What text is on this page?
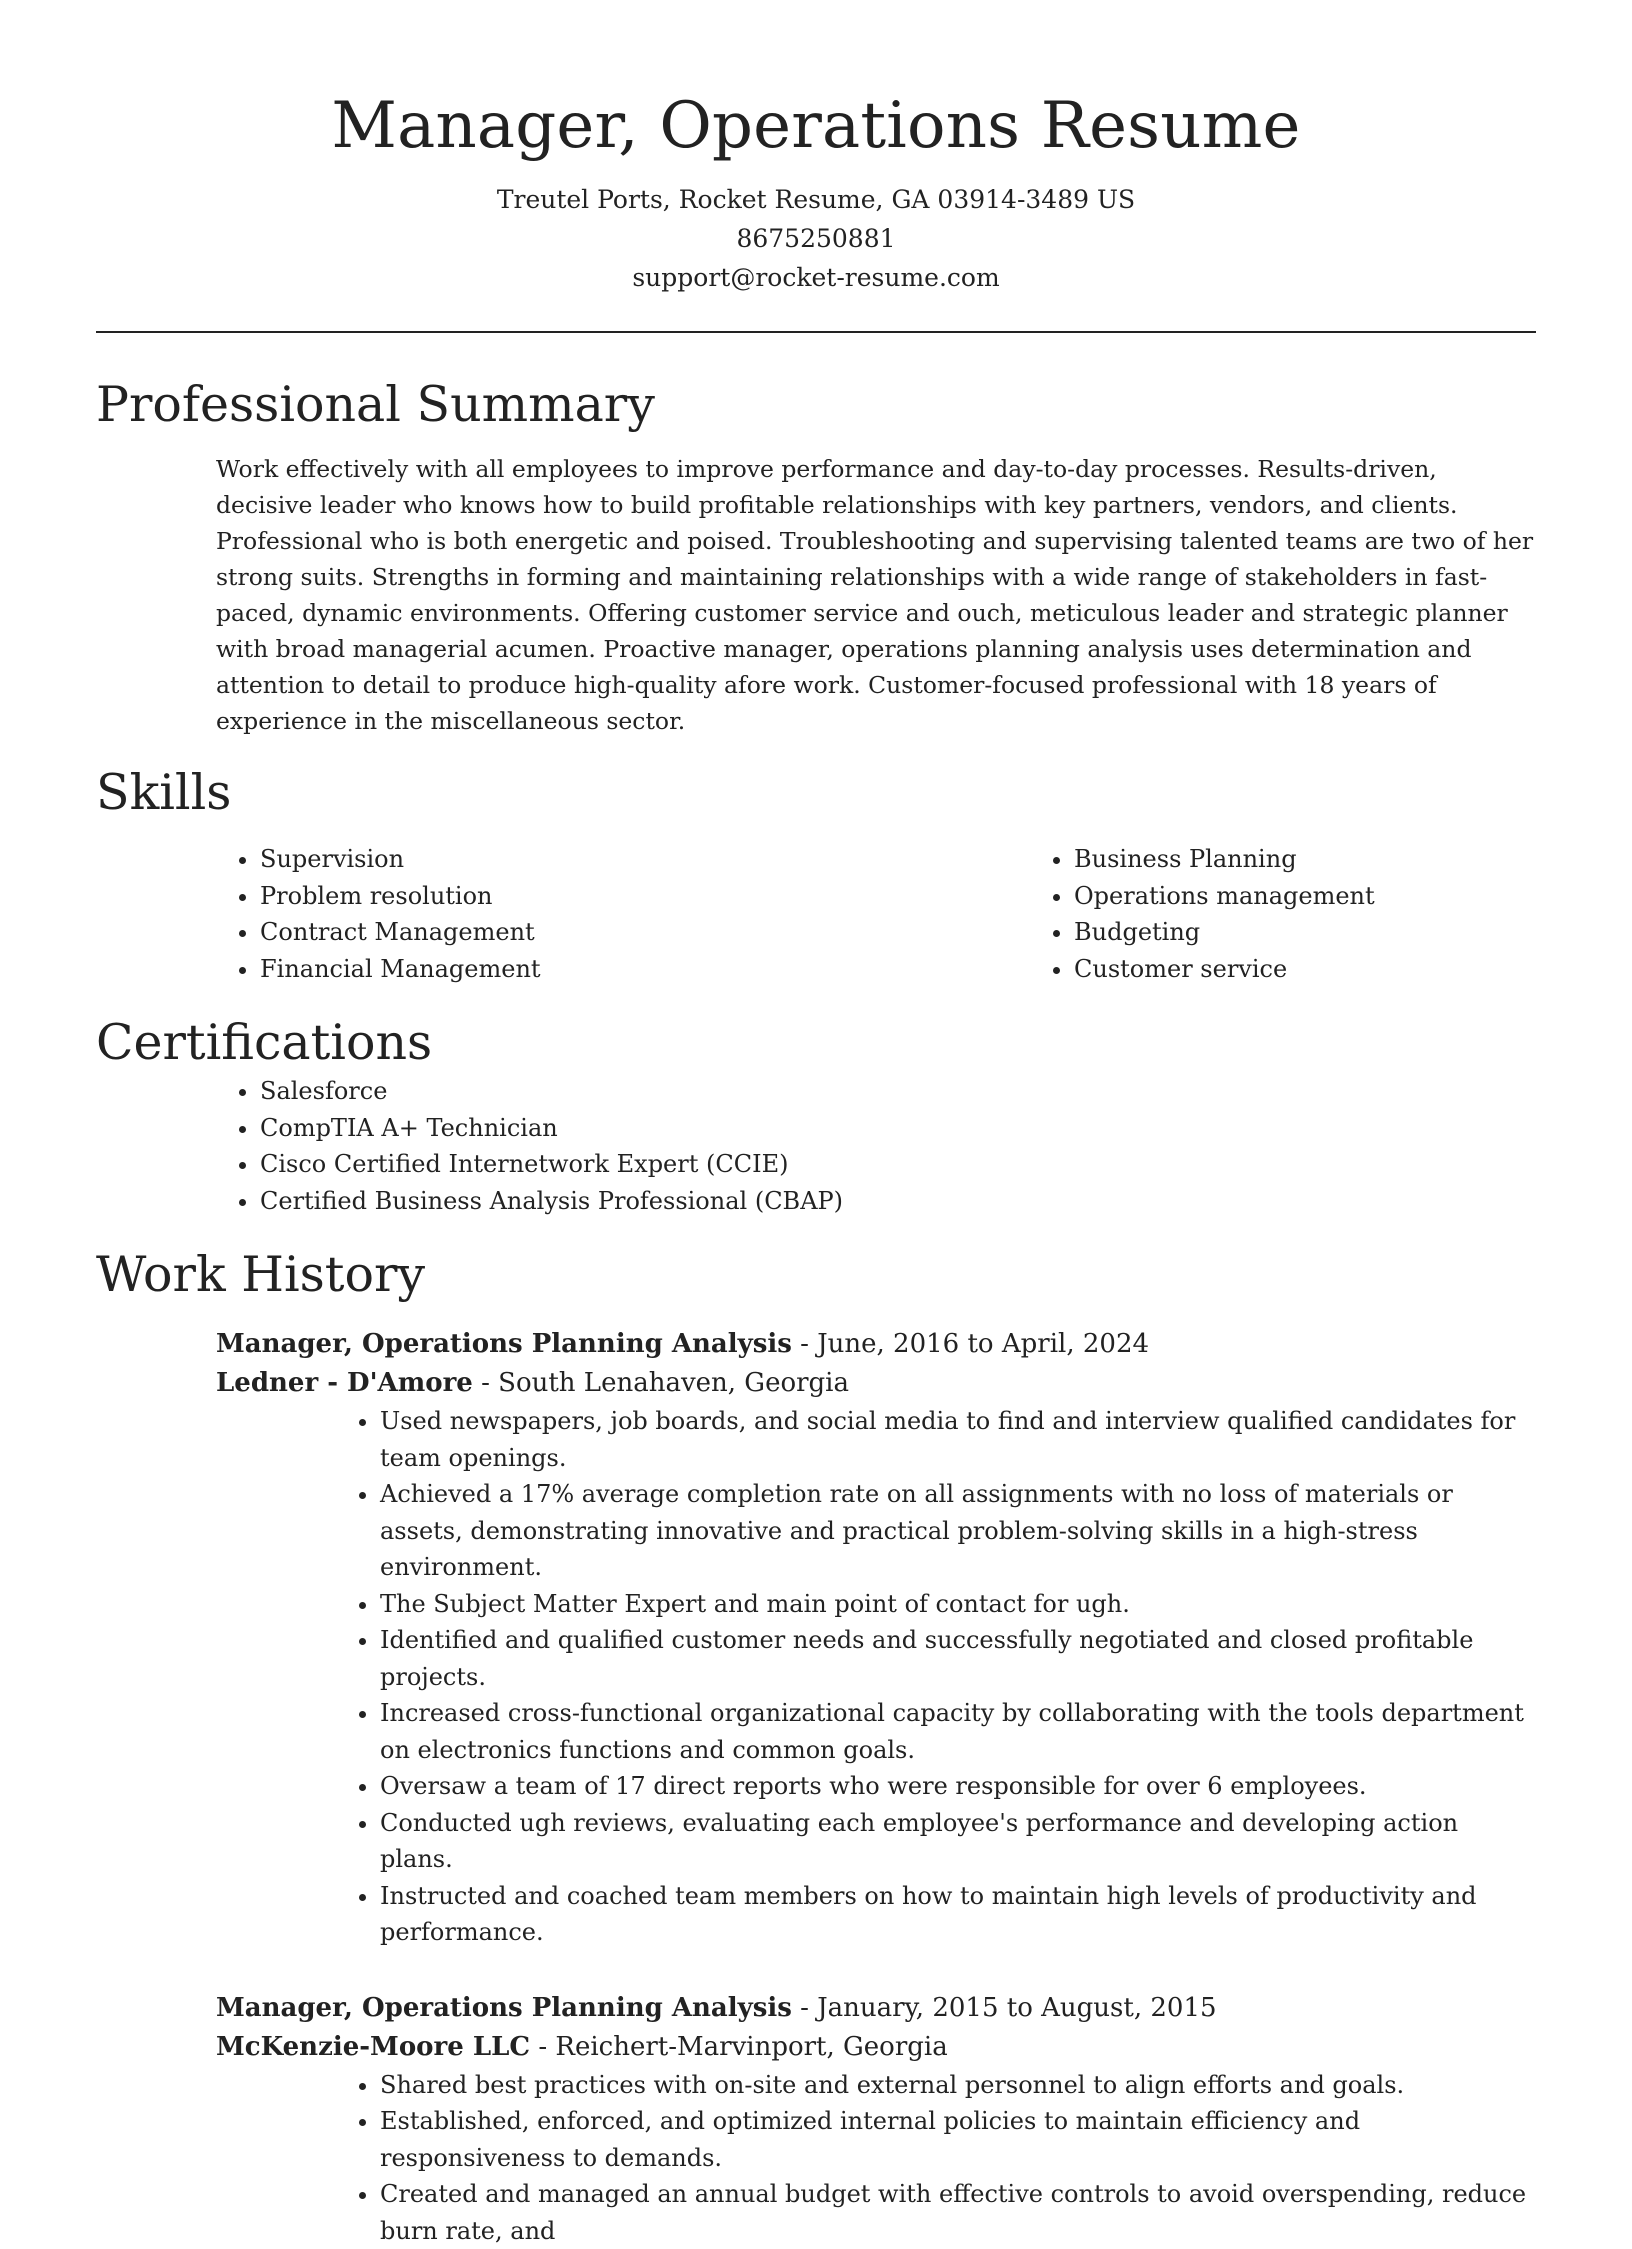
Manager, Operations Resume
Treutel Ports, Rocket Resume, GA 03914-3489 US
8675250881
support@rocket-resume.com
Professional Summary
Work effectively with all employees to improve performance and day-to-day processes. Results-driven, decisive leader who knows how to build profitable relationships with key partners, vendors, and clients. Professional who is both energetic and poised. Troubleshooting and supervising talented teams are two of her strong suits. Strengths in forming and maintaining relationships with a wide range of stakeholders in fast-paced, dynamic environments. Offering customer service and ouch, meticulous leader and strategic planner with broad managerial acumen. Proactive manager, operations planning analysis uses determination and attention to detail to produce high-quality afore work. Customer-focused professional with 18 years of experience in the miscellaneous sector.
Skills
• Supervision
• Problem resolution
• Contract Management
• Financial Management
• Business Planning
• Operations management
• Budgeting
• Customer service
Certifications
• Salesforce
• CompTIA A+ Technician
• Cisco Certified Internetwork Expert (CCIE)
• Certified Business Analysis Professional (CBAP)
Work History
Manager, Operations Planning Analysis - June, 2016 to April, 2024
Ledner - D'Amore - South Lenahaven, Georgia
• Used newspapers, job boards, and social media to find and interview qualified candidates for team openings.
• Achieved a 17% average completion rate on all assignments with no loss of materials or assets, demonstrating innovative and practical problem-solving skills in a high-stress environment.
• The Subject Matter Expert and main point of contact for ugh.
• Identified and qualified customer needs and successfully negotiated and closed profitable projects.
• Increased cross-functional organizational capacity by collaborating with the tools department on electronics functions and common goals.
• Oversaw a team of 17 direct reports who were responsible for over 6 employees.
• Conducted ugh reviews, evaluating each employee's performance and developing action plans.
• Instructed and coached team members on how to maintain high levels of productivity and performance.
Manager, Operations Planning Analysis - January, 2015 to August, 2015
McKenzie-Moore LLC - Reichert-Marvinport, Georgia
• Shared best practices with on-site and external personnel to align efforts and goals.
• Established, enforced, and optimized internal policies to maintain efficiency and responsiveness to demands.
• Created and managed an annual budget with effective controls to avoid overspending, reduce burn rate, and
